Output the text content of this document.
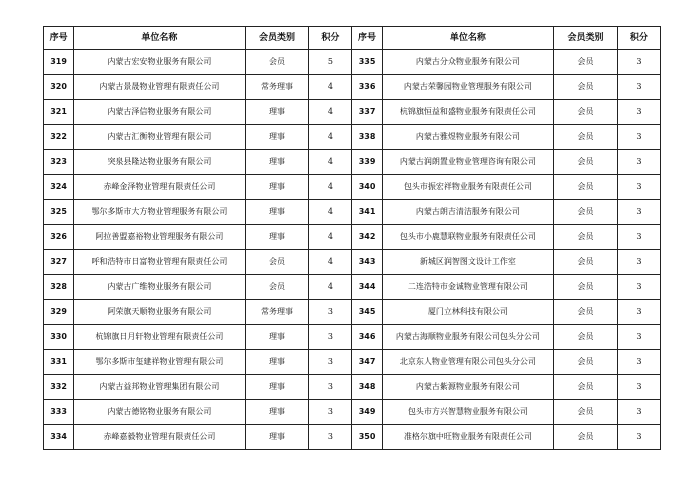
序号	单位名称	会员类别	积分	序号	单位名称	会员类别	积分
319	内蒙古宏安物业服务有限公司	会员	5	335	内蒙古分众物业服务有限公司	会员	3
320	内蒙古景晟物业管理有限责任公司	常务理事	4	336	内蒙古荣馨园物业管理服务有限公司	会员	3
321	内蒙古泽信物业服务有限公司	理事	4	337	杭锦旗恒益和盛物业服务有限责任公司	会员	3
322	内蒙古汇衡物业管理有限公司	理事	4	338	内蒙古雅煜物业服务有限公司	会员	3
323	突泉县隆达物业服务有限公司	理事	4	339	内蒙古润朗置业物业管理咨询有限公司	会员	3
324	赤峰金泽物业管理有限责任公司	理事	4	340	包头市振宏祥物业服务有限责任公司	会员	3
325	鄂尔多斯市大方物业管理服务有限公司	理事	4	341	内蒙古朗吉清洁服务有限公司	会员	3
326	阿拉善盟嘉裕物业管理服务有限公司	理事	4	342	包头市小鹿慧联物业服务有限责任公司	会员	3
327	呼和浩特市日富物业管理有限责任公司	会员	4	343	新城区润智图文设计工作室	会员	3
328	内蒙古广维物业服务有限公司	会员	4	344	二连浩特市金诚物业管理有限公司	会员	3
329	阿荣旗天顺物业服务有限公司	常务理事	3	345	厦门立林科技有限公司	会员	3
330	杭锦旗日月轩物业管理有限责任公司	理事	3	346	内蒙古海顺物业服务有限公司包头分公司	会员	3
331	鄂尔多斯市玺建祥物业管理有限公司	理事	3	347	北京东人物业管理有限公司包头分公司	会员	3
332	内蒙古益邦物业管理集团有限公司	理事	3	348	内蒙古紫源物业服务有限公司	会员	3
333	内蒙古德铭物业服务有限公司	理事	3	349	包头市方兴智慧物业服务有限公司	会员	3
334	赤峰嘉毅物业管理有限责任公司	理事	3	350	准格尔旗中旺物业服务有限责任公司	会员	3
